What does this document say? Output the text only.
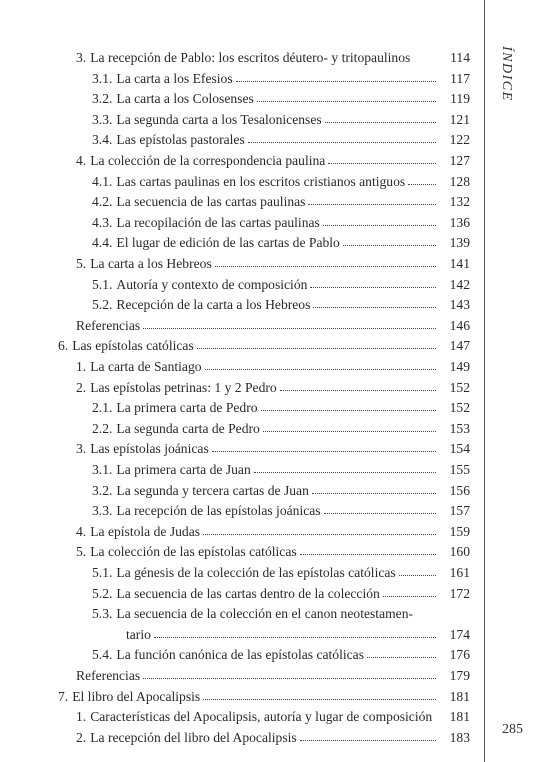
ÍNDICE
3. La recepción de Pablo: los escritos déutero- y tritopaulinos	114
3.1. La carta a los Efesios	117
3.2. La carta a los Colosenses	119
3.3. La segunda carta a los Tesalonicenses	121
3.4. Las epístolas pastorales	122
4. La colección de la correspondencia paulina	127
4.1. Las cartas paulinas en los escritos cristianos antiguos	128
4.2. La secuencia de las cartas paulinas	132
4.3. La recopilación de las cartas paulinas	136
4.4. El lugar de edición de las cartas de Pablo	139
5. La carta a los Hebreos	141
5.1. Autoría y contexto de composición	142
5.2. Recepción de la carta a los Hebreos	143
Referencias	146
6. Las epístolas católicas	147
1. La carta de Santiago	149
2. Las epístolas petrinas: 1 y 2 Pedro	152
2.1. La primera carta de Pedro	152
2.2. La segunda carta de Pedro	153
3. Las epístolas joánicas	154
3.1. La primera carta de Juan	155
3.2. La segunda y tercera cartas de Juan	156
3.3. La recepción de las epístolas joánicas	157
4. La epístola de Judas	159
5. La colección de las epístolas católicas	160
5.1. La génesis de la colección de las epístolas católicas	161
5.2. La secuencia de las cartas dentro de la colección	172
5.3. La secuencia de la colección en el canon neotestamen-
tario	174
5.4. La función canónica de las epístolas católicas	176
Referencias	179
7. El libro del Apocalipsis	181
1. Características del Apocalipsis, autoría y lugar de composición	181
2. La recepción del libro del Apocalipsis	183
285
